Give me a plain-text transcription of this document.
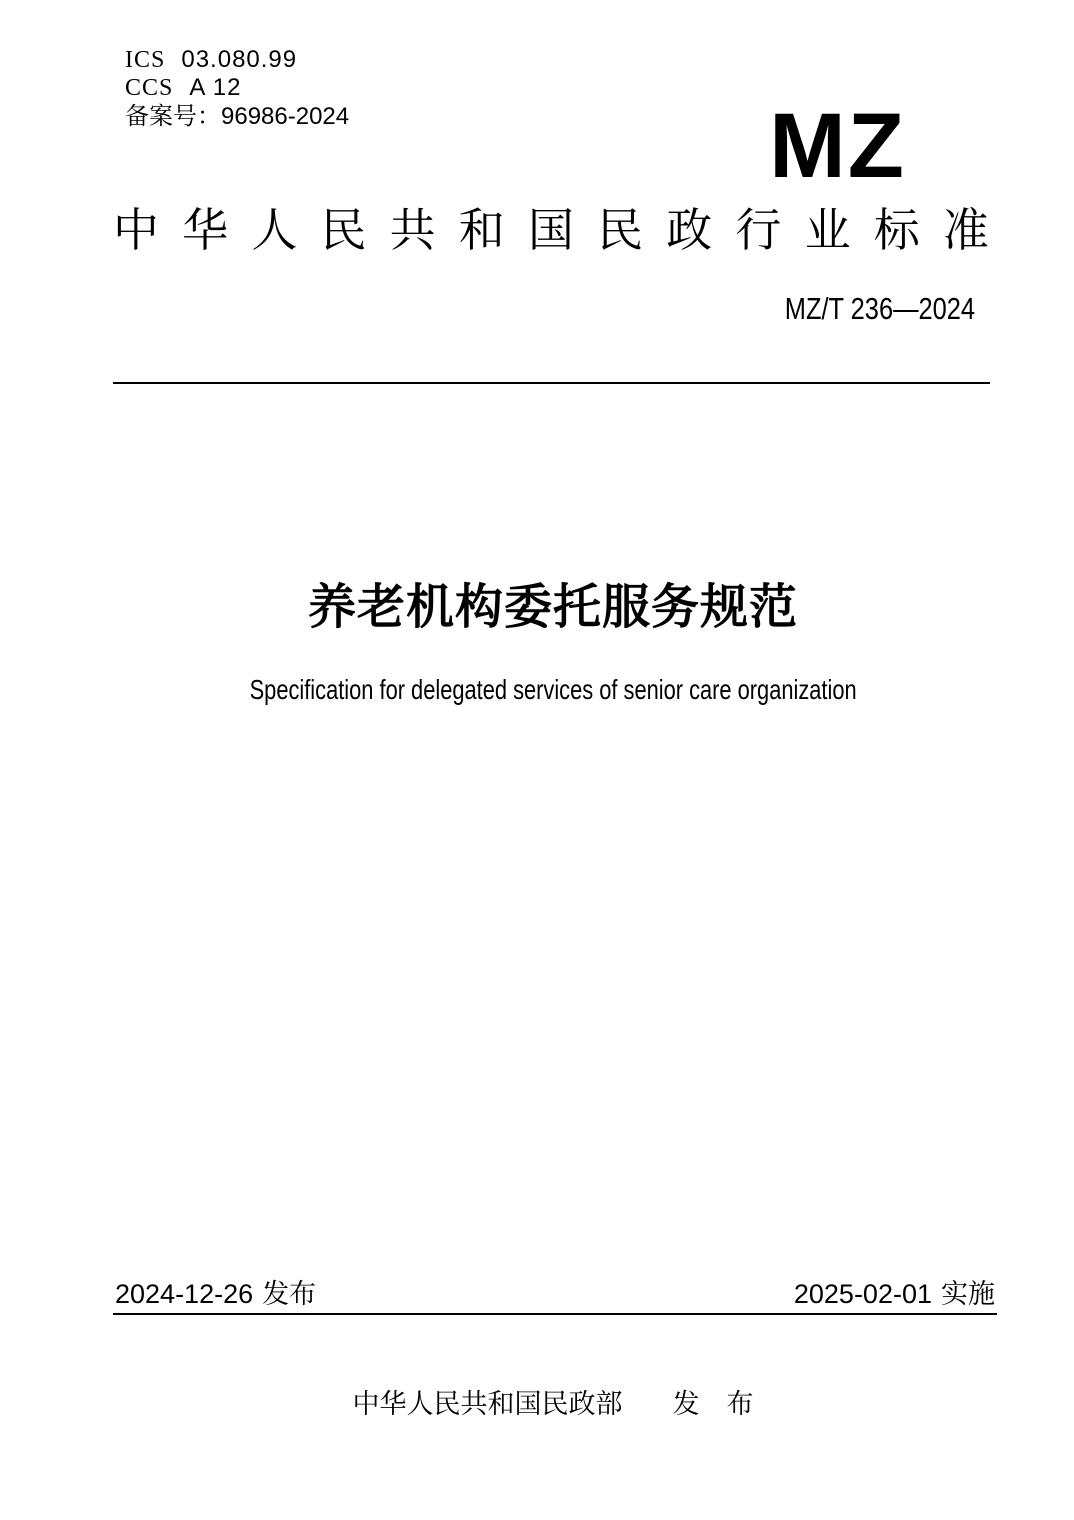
ICS 03.080.99
CCS A 12
备案号： 96986-2024	MZ
中 华 人 民 共 和 国 民 政 行 业 标 准
MZ/T 236—2024
养老机构委托服务规范
Specification for delegated services of senior care organization
2024-12-26 发布	2025-02-01 实施
中华人民共和国民政部 发　布
